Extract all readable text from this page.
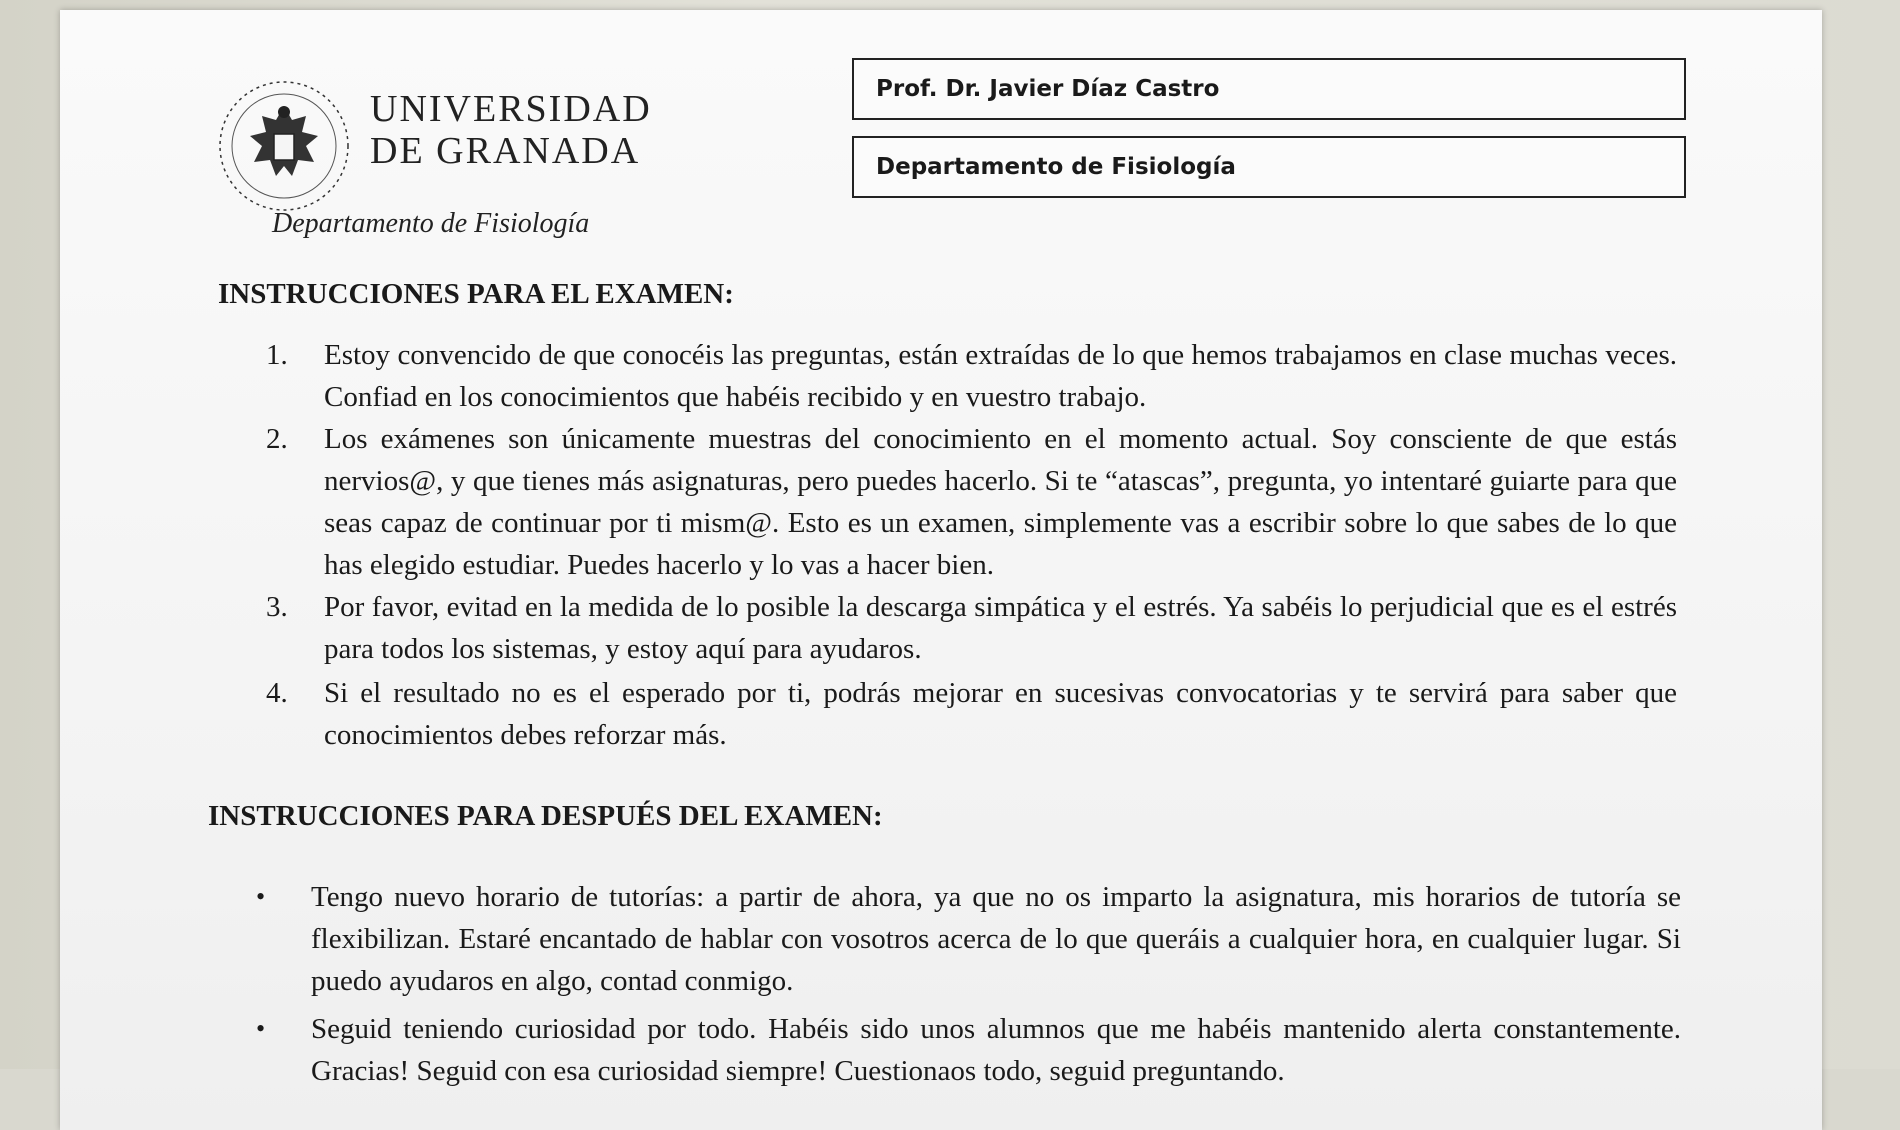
UNIVERSIDAD
DE GRANADA
Departamento de Fisiología
Prof. Dr. Javier Díaz Castro
Departamento de Fisiología
INSTRUCCIONES PARA EL EXAMEN:
1. Estoy convencido de que conocéis las preguntas, están extraídas de lo que hemos trabajamos en clase muchas veces. Confiad en los conocimientos que habéis recibido y en vuestro trabajo.
2. Los exámenes son únicamente muestras del conocimiento en el momento actual. Soy consciente de que estás nervios@, y que tienes más asignaturas, pero puedes hacerlo. Si te “atascas”, pregunta, yo intentaré guiarte para que seas capaz de continuar por ti mism@. Esto es un examen, simplemente vas a escribir sobre lo que sabes de lo que has elegido estudiar. Puedes hacerlo y lo vas a hacer bien.
3. Por favor, evitad en la medida de lo posible la descarga simpática y el estrés. Ya sabéis lo perjudicial que es el estrés para todos los sistemas, y estoy aquí para ayudaros.
4. Si el resultado no es el esperado por ti, podrás mejorar en sucesivas convocatorias y te servirá para saber que conocimientos debes reforzar más.
INSTRUCCIONES PARA DESPUÉS DEL EXAMEN:
• Tengo nuevo horario de tutorías: a partir de ahora, ya que no os imparto la asignatura, mis horarios de tutoría se flexibilizan. Estaré encantado de hablar con vosotros acerca de lo que queráis a cualquier hora, en cualquier lugar. Si puedo ayudaros en algo, contad conmigo.
• Seguid teniendo curiosidad por todo. Habéis sido unos alumnos que me habéis mantenido alerta constantemente. Gracias! Seguid con esa curiosidad siempre! Cuestionaos todo, seguid preguntando.
